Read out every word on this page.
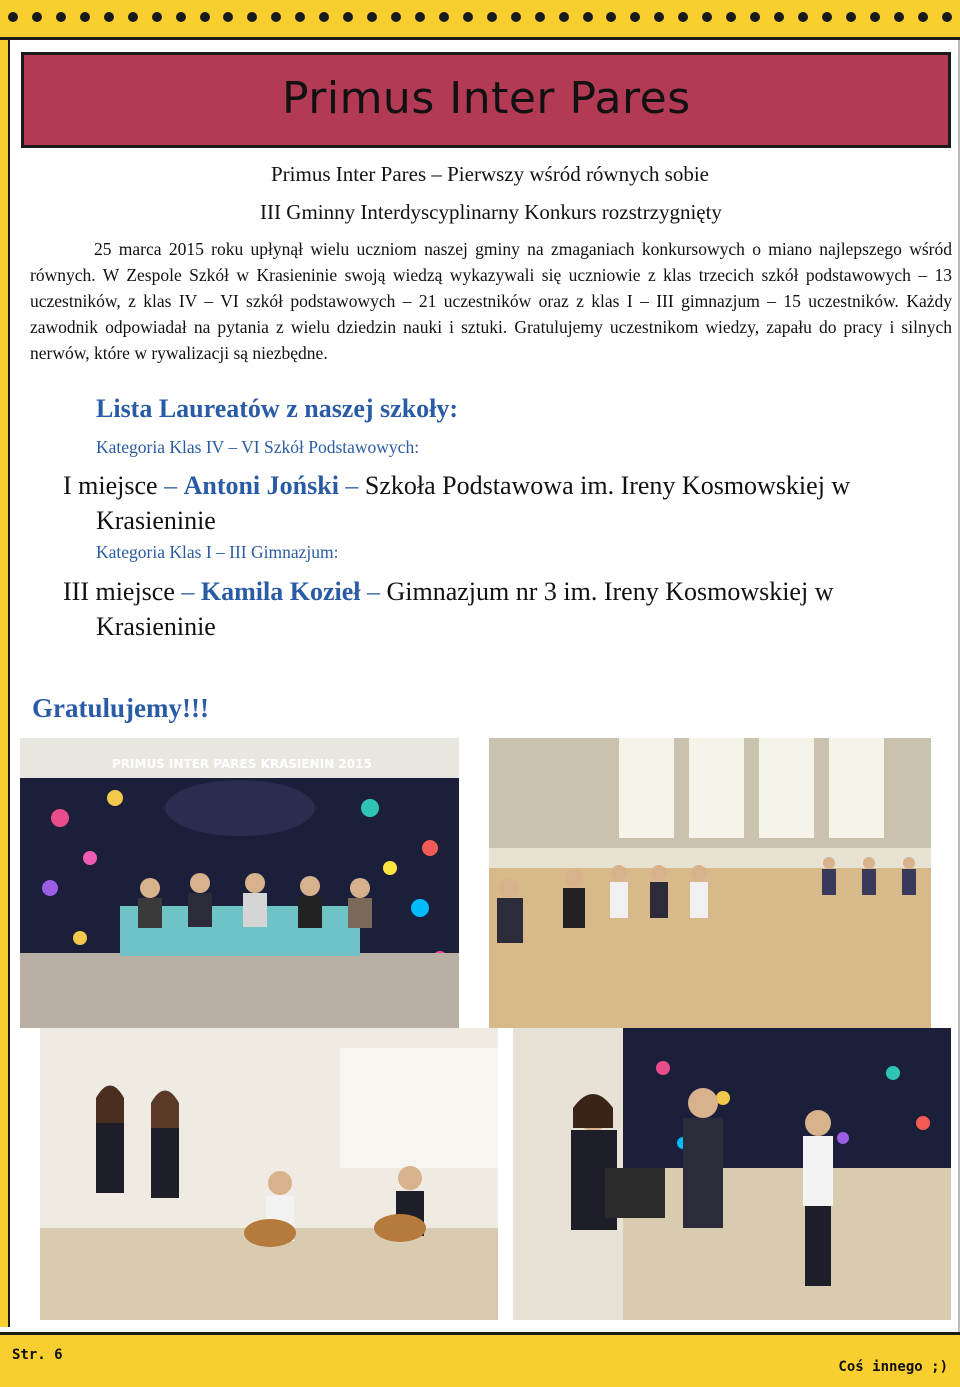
Primus Inter Pares
Primus Inter Pares – Pierwszy wśród równych sobie
III Gminny Interdyscyplinarny Konkurs rozstrzygnięty

25 marca 2015 roku upłynął wielu uczniom naszej gminy na zmaganiach konkursowych o miano najlepszego wśród równych. W Zespole Szkół w Krasieninie swoją wiedzą wykazywali się uczniowie z klas trzecich szkół podstawowych – 13 uczestników, z klas IV – VI szkół podstawowych – 21 uczestników oraz z klas I – III gimnazjum – 15 uczestników. Każdy zawodnik odpowiadał na pytania z wielu dziedzin nauki i sztuki. Gratulujemy uczestnikom wiedzy, zapału do pracy i silnych nerwów, które w rywalizacji są niezbędne.

Lista Laureatów z naszej szkoły:
Kategoria Klas IV – VI Szkół Podstawowych:
I miejsce – Antoni Joński – Szkoła Podstawowa im. Ireny Kosmowskiej w
Krasieninie
Kategoria Klas I – III Gimnazjum:
III miejsce – Kamila Kozieł – Gimnazjum nr 3 im. Ireny Kosmowskiej w
Krasieninie
Gratulujemy!!!
PRIMUS INTER PARES KRASIENIN 2015
Str. 6
Coś innego ;)
